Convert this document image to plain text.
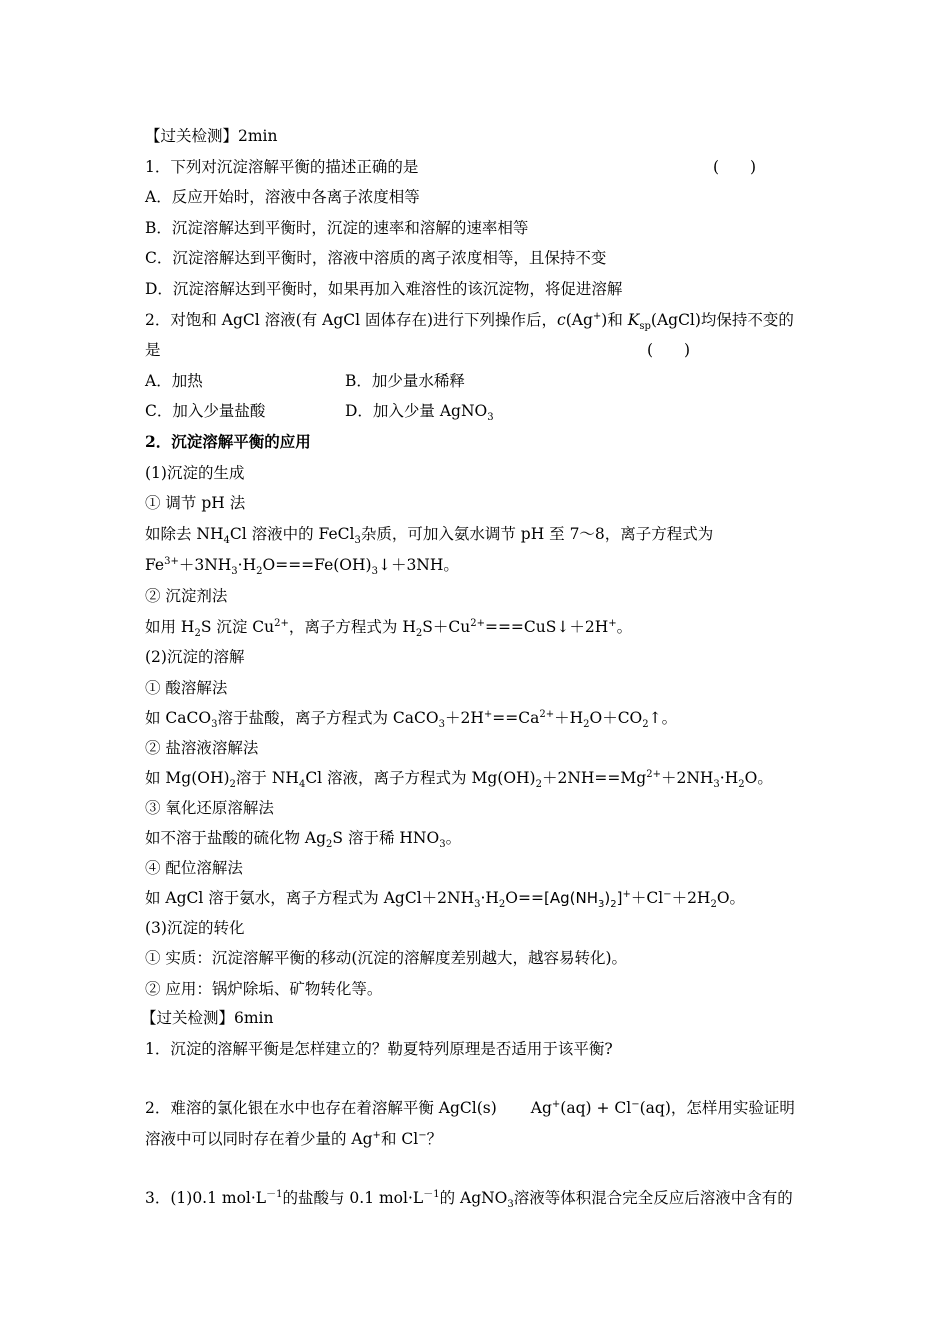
【过关检测】2min
1．下列对沉淀溶解平衡的描述正确的是	(　　)
A．反应开始时，溶液中各离子浓度相等
B．沉淀溶解达到平衡时，沉淀的速率和溶解的速率相等
C．沉淀溶解达到平衡时，溶液中溶质的离子浓度相等，且保持不变
D．沉淀溶解达到平衡时，如果再加入难溶性的该沉淀物，将促进溶解
2．对饱和 AgCl 溶液(有 AgCl 固体存在)进行下列操作后，c(Ag+)和 $K_{sp}(AgCl)$均保持不变的
是	(　　)
A．加热	B．加少量水稀释
C．加入少量盐酸	D．加入少量 AgNO$_3$
2．沉淀溶解平衡的应用
(1)沉淀的生成
① 调节 pH 法
如除去 $NH_4Cl$ 溶液中的 FeCl$_3$杂质，可加入氨水调节 pH 至 7～8，离子方程式为
$Fe^{3+}+3NH_3\cdot H_2O===Fe(OH)_3↓+3NH$。
② 沉淀剂法
如用 $H_2S$ 沉淀 $Cu^{2+}$，离子方程式为 $H_2S+Cu^{2+}===CuS↓+2H^+$。
(2)沉淀的溶解
① 酸溶解法
如 CaCO$_3$溶于盐酸，离子方程式为 $CaCO_3+2H^+==Ca^{2+}+H_2O+CO_2↑$。
② 盐溶液溶解法
如 $Mg(OH)_2$溶于 $NH_4Cl$ 溶液，离子方程式为 $Mg(OH)_2+2NH==Mg^{2+}+2NH_3\cdot H_2O$。
③ 氧化还原溶解法
如不溶于盐酸的硫化物 $Ag_2S$ 溶于稀 $HNO_3$。
④ 配位溶解法
如 AgCl 溶于氨水，离子方程式为 $AgCl+2NH_3\cdot H_2O==[Ag(NH_3)_2]^++Cl^-+2H_2O$。
(3)沉淀的转化
① 实质：沉淀溶解平衡的移动(沉淀的溶解度差别越大，越容易转化)。
② 应用：锅炉除垢、矿物转化等。
【过关检测】6min
1．沉淀的溶解平衡是怎样建立的？勒夏特列原理是否适用于该平衡?
2．难溶的氯化银在水中也存在着溶解平衡 AgCl(s) Ag+(aq) + Cl−(aq)，怎样用实验证明
溶液中可以同时存在着少量的 Ag+和 Cl−？
3．(1)0.1 $mol\cdot L^{-1}$的盐酸与 0.1 $mol\cdot L^{-1}$的 AgNO$_3$溶液等体积混合完全反应后溶液中含有的
